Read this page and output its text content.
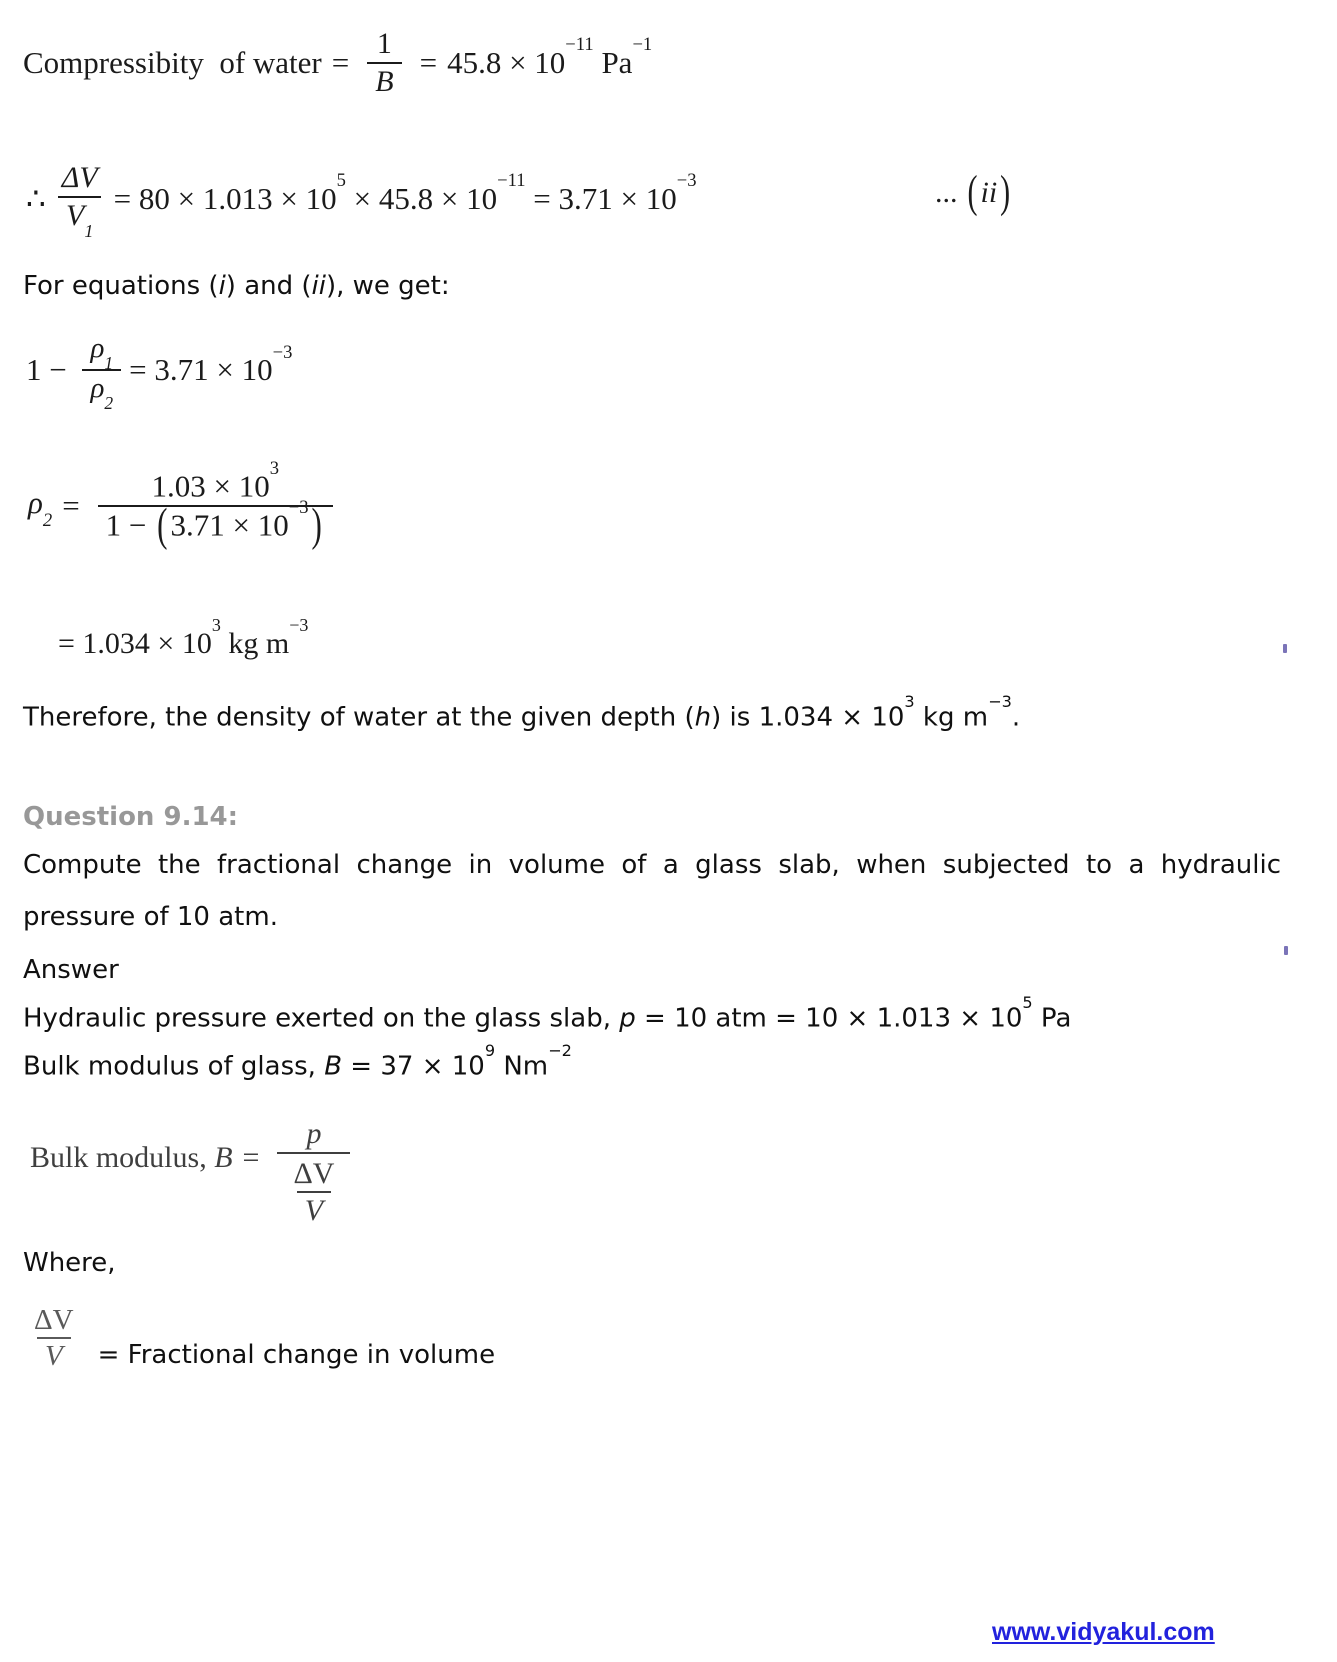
Compressibity  of water = $\frac{1}{B} = 45.8 \times 10^{-11}$ $Pa^{-1}$
∴ $\frac{\Delta V}{V_1} = 80 \times 1.013 \times 10^5 \times 45.8 \times 10^{-11} = 3.71 \times 10^{-3}$	... ( ii )
For equations (i) and (ii), we get:
$1 - \frac{\rho_1}{\rho_2} = 3.71 \times 10^{-3}$
$\rho_2 = \frac{1.03 \times 10^3}{1 - (3.71 \times 10^{-3})}$
= $1.034 \times 10^3$ kg $m^{-3}$
Therefore, the density of water at the given depth (h) is $1.034 \times 10^3$ kg $m^{-3}$.
Question 9.14:
Compute the fractional change in volume of a glass slab, when subjected to a hydraulic
pressure of 10 atm.
Answer
Hydraulic pressure exerted on the glass slab, p = 10 atm = $10 \times 1.013 \times 10^5$ Pa
Bulk modulus of glass, $B = 37 \times 10^9$ $Nm^{-2}$
Bulk modulus, $B = \frac{p}{\frac{\Delta V}{V}}$
Where,
$\frac{\Delta V}{V}$ = Fractional change in volume
www.vidyakul.com
